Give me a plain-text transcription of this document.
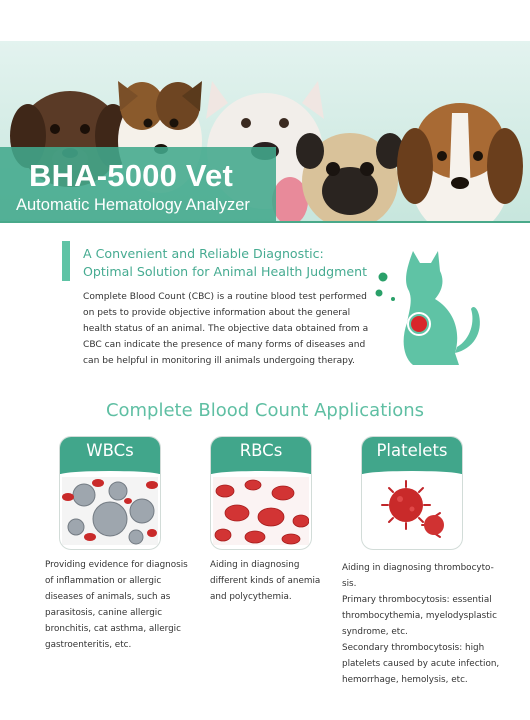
BHA-5000 Vet
Automatic Hematology Analyzer
A Convenient and Reliable Diagnostic:
Optimal Solution for Animal Health Judgment
Complete Blood Count (CBC) is a routine blood test performed on pets to provide objective information about the general health status of an animal. The objective data obtained from a CBC can indicate the presence of many forms of diseases and can be helpful in monitoring ill animals undergoing therapy.
Complete Blood Count Applications
WBCs
Providing evidence for diagnosis
of inflammation or allergic
diseases of animals, such as
parasitosis, canine allergic
bronchitis, cat asthma, allergic
gastroenteritis, etc.
RBCs
Aiding in diagnosing
different kinds of anemia
and polycythemia.
Platelets
Aiding in diagnosing thrombocyto-
sis.
Primary thrombocytosis: essential
thrombocythemia, myelodysplastic
syndrome, etc.
Secondary thrombocytosis: high
platelets caused by acute infection,
hemorrhage, hemolysis, etc.
